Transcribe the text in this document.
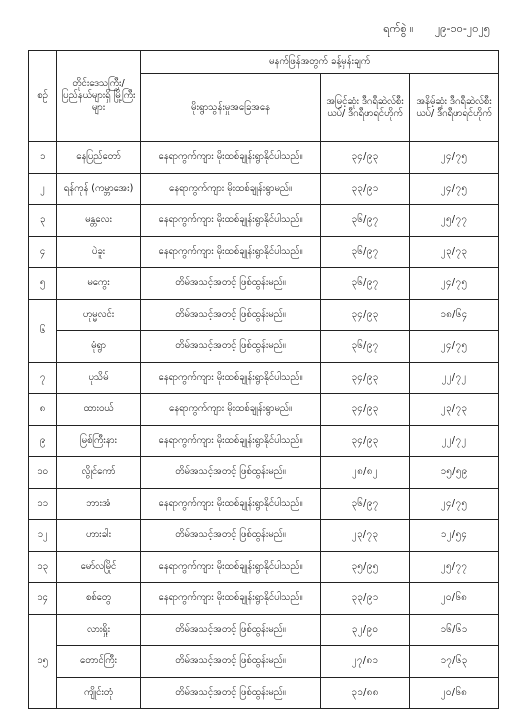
ရက်စွဲ ။ ၂၉-၁၀-၂၀၂၅
စဉ်	တိုင်းဒေသကြီး/ ပြည်နယ်များရှိ မြို့ကြီးများ	မနက်ဖြန်အတွက် ခန့်မှန်းချက်		
		မိုးရွာသွန်းမှုအခြေအနေ	အမြင့်ဆုံး ဒီဂရီဆဲလ်စီးယပ်/ ဒီဂရီဖာရင်ဟိုက်	အနိမ့်ဆုံး ဒီဂရီဆဲလ်စီးယပ်/ ဒီဂရီဖာရင်ဟိုက်
၁	နေပြည်တော်	နေရာကွက်ကျား မိုးထစ်ချုန်းရွာနိုင်ပါသည်။	၃၄/၉၃	၂၄/၇၅
၂	ရန်ကုန် (ကမ္ဘာအေး)	နေရာကွက်ကျား မိုးထစ်ချုန်းရွာမည်။	၃၃/၉၁	၂၄/၇၅
၃	မန္တလေး	နေရာကွက်ကျား မိုးထစ်ချုန်းရွာနိုင်ပါသည်။	၃၆/၉၇	၂၅/၇၇
၄	ပဲခူး	နေရာကွက်ကျား မိုးထစ်ချုန်းရွာနိုင်ပါသည်။	၃၆/၉၇	၂၃/၇၃
၅	မကွေး	တိမ်အသင့်အတင့် ဖြစ်ထွန်းမည်။	၃၆/၉၇	၂၄/၇၅
၆	ဟုမ္မလင်း	တိမ်အသင့်အတင့် ဖြစ်ထွန်းမည်။	၃၄/၉၃	၁၈/၆၄
	မုံရွာ	တိမ်အသင့်အတင့် ဖြစ်ထွန်းမည်။	၃၆/၉၇	၂၄/၇၅
၇	ပုသိမ်	နေရာကွက်ကျား မိုးထစ်ချုန်းရွာနိုင်ပါသည်။	၃၄/၉၃	၂၂/၇၂
၈	ထားဝယ်	နေရာကွက်ကျား မိုးထစ်ချုန်းရွာမည်။	၃၄/၉၃	၂၃/၇၃
၉	မြစ်ကြီးနား	နေရာကွက်ကျား မိုးထစ်ချုန်းရွာနိုင်ပါသည်။	၃၄/၉၃	၂၂/၇၂
၁၀	လွိုင်ကော်	တိမ်အသင့်အတင့် ဖြစ်ထွန်းမည်။	၂၈/၈၂	၁၅/၅၉
၁၁	ဘားအံ	နေရာကွက်ကျား မိုးထစ်ချုန်းရွာနိုင်ပါသည်။	၃၆/၉၇	၂၄/၇၅
၁၂	ဟားခါး	တိမ်အသင့်အတင့် ဖြစ်ထွန်းမည်။	၂၃/၇၃	၁၂/၅၄
၁၃	မော်လမြိုင်	နေရာကွက်ကျား မိုးထစ်ချုန်းရွာနိုင်ပါသည်။	၃၅/၉၅	၂၅/၇၇
၁၄	စစ်တွေ	နေရာကွက်ကျား မိုးထစ်ချုန်းရွာနိုင်ပါသည်။	၃၃/၉၁	၂၀/၆၈
၁၅	လားရှိုး	တိမ်အသင့်အတင့် ဖြစ်ထွန်းမည်။	၃၂/၉၀	၁၆/၆၁
	တောင်ကြီး	တိမ်အသင့်အတင့် ဖြစ်ထွန်းမည်။	၂၇/၈၁	၁၇/၆၃
	ကျိုင်းတုံ	တိမ်အသင့်အတင့် ဖြစ်ထွန်းမည်။	၃၁/၈၈	၂၀/၆၈
